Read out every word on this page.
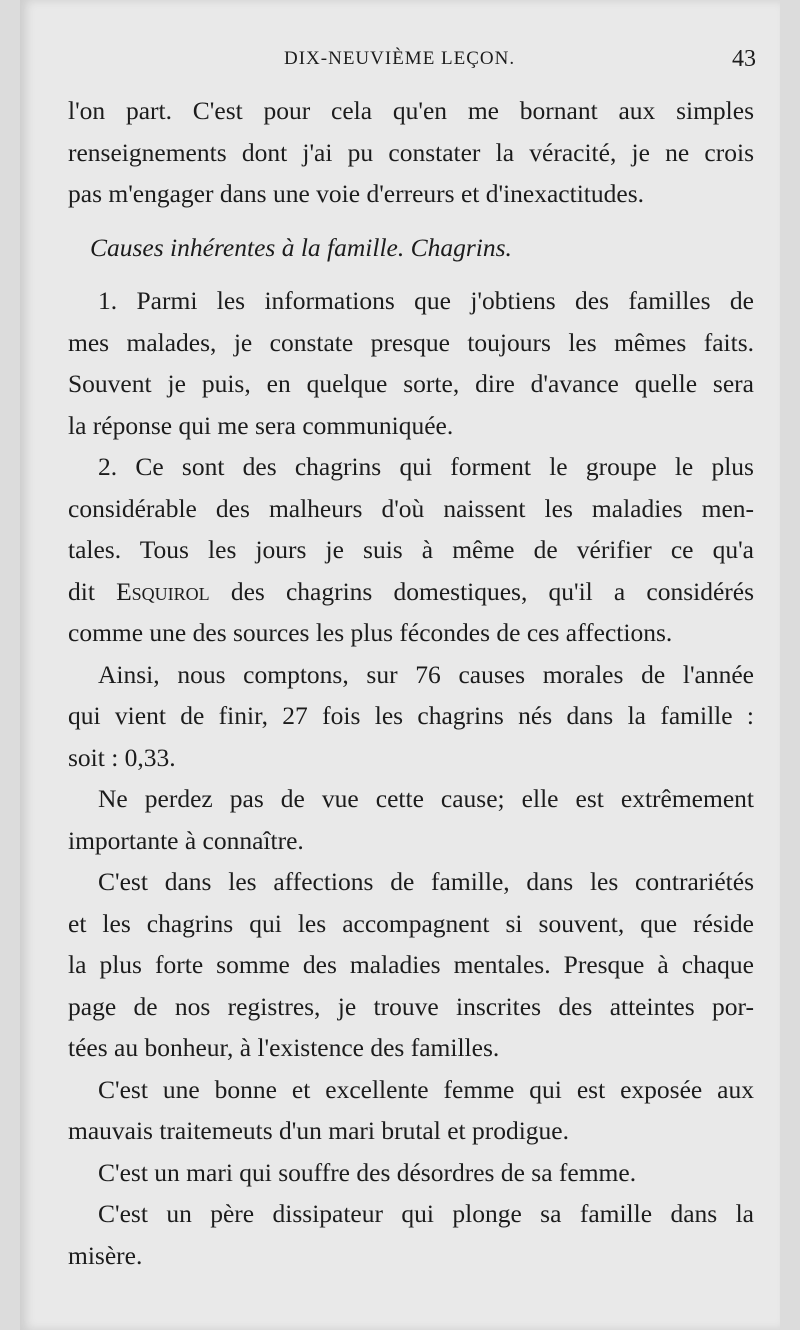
DIX-NEUVIÈME LEÇON.	43

l'on part. C'est pour cela qu'en me bornant aux simples

renseignements dont j'ai pu constater la véracité, je ne crois

pas m'engager dans une voie d'erreurs et d'inexactitudes.

Causes inhérentes à la famille. Chagrins.

1. Parmi les informations que j'obtiens des familles de

mes malades, je constate presque toujours les mêmes faits.

Souvent je puis, en quelque sorte, dire d'avance quelle sera

la réponse qui me sera communiquée.

2. Ce sont des chagrins qui forment le groupe le plus

considérable des malheurs d'où naissent les maladies men-

tales. Tous les jours je suis à même de vérifier ce qu'a

dit Esquirol des chagrins domestiques, qu'il a considérés

comme une des sources les plus fécondes de ces affections.

Ainsi, nous comptons, sur 76 causes morales de l'année

qui vient de finir, 27 fois les chagrins nés dans la famille :

soit : 0,33.

Ne perdez pas de vue cette cause; elle est extrêmement

importante à connaître.

C'est dans les affections de famille, dans les contrariétés

et les chagrins qui les accompagnent si souvent, que réside

la plus forte somme des maladies mentales. Presque à chaque

page de nos registres, je trouve inscrites des atteintes por-

tées au bonheur, à l'existence des familles.

C'est une bonne et excellente femme qui est exposée aux

mauvais traitemeuts d'un mari brutal et prodigue.

C'est un mari qui souffre des désordres de sa femme.

C'est un père dissipateur qui plonge sa famille dans la

misère.
